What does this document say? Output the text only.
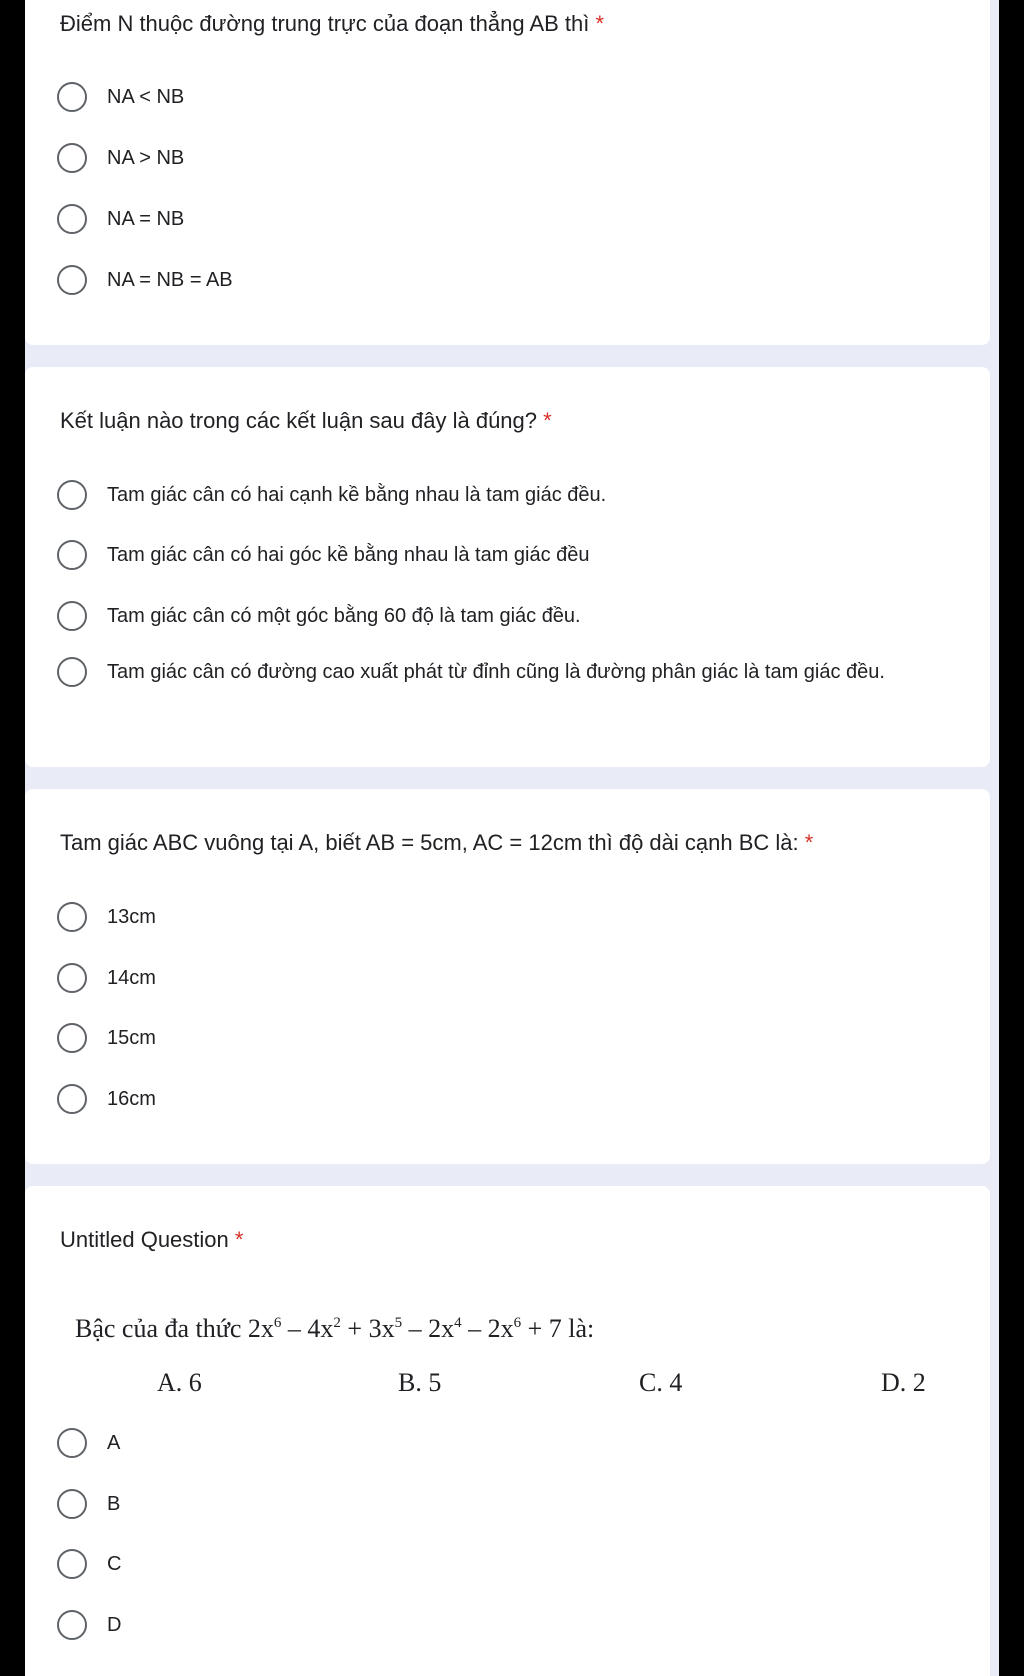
Điểm N thuộc đường trung trực của đoạn thẳng AB thì *
NA < NB
NA > NB
NA = NB
NA = NB = AB
Kết luận nào trong các kết luận sau đây là đúng? *
Tam giác cân có hai cạnh kề bằng nhau là tam giác đều.
Tam giác cân có hai góc kề bằng nhau là tam giác đều
Tam giác cân có một góc bằng 60 độ là tam giác đều.
Tam giác cân có đường cao xuất phát từ đỉnh cũng là đường phân giác là tam giác đều.
Tam giác ABC vuông tại A, biết AB = 5cm, AC = 12cm thì độ dài cạnh BC là: *
13cm
14cm
15cm
16cm
Untitled Question *
Bậc của đa thức $2x^6 - 4x^2 + 3x^5 - 2x^4 - 2x^6 + 7$ là:
A. 6	B. 5	C. 4	D. 2
A
B
C
D
